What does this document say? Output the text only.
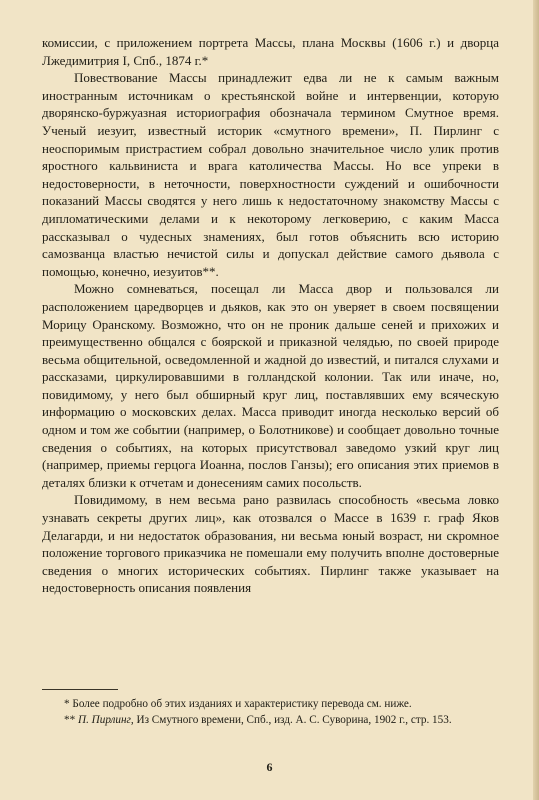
комиссии, с приложением портрета Массы, плана Москвы (1606 г.) и дворца Лжедимитрия I, Спб., 1874 г.*

Повествование Массы принадлежит едва ли не к самым важным иностранным источникам о крестьянской войне и интервенции, которую дворянско-буржуазная историография обозначала термином Смутное время. Ученый иезуит, известный историк «смутного времени», П. Пирлинг с неоспоримым пристрастием собрал довольно значительное число улик против яростного кальвиниста и врага католичества Массы. Но все упреки в недостоверности, в неточности, поверхностности суждений и ошибочности показаний Массы сводятся у него лишь к недостаточному знакомству Массы с дипломатическими делами и к некоторому легковерию, с каким Масса рассказывал о чудесных знамениях, был готов объяснить всю историю самозванца властью нечистой силы и допускал действие самого дьявола с помощью, конечно, иезуитов**.

Можно сомневаться, посещал ли Масса двор и пользовался ли расположением царедворцев и дьяков, как это он уверяет в своем посвящении Морицу Оранскому. Возможно, что он не проник дальше сеней и прихожих и преимущественно общался с боярской и приказной челядью, по своей природе весьма общительной, осведомленной и жадной до известий, и питался слухами и рассказами, циркулировавшими в голландской колонии. Так или иначе, но, повидимому, у него был обширный круг лиц, поставлявших ему всяческую информацию о московских делах. Масса приводит иногда несколько версий об одном и том же событии (например, о Болотникове) и сообщает довольно точные сведения о событиях, на которых присутствовал заведомо узкий круг лиц (например, приемы герцога Иоанна, послов Ганзы); его описания этих приемов в деталях близки к отчетам и донесениям самих посольств.

Повидимому, в нем весьма рано развилась способность «весьма ловко узнавать секреты других лиц», как отозвался о Массе в 1639 г. граф Яков Делагарди, и ни недостаток образования, ни весьма юный возраст, ни скромное положение торгового приказчика не помешали ему получить вполне достоверные сведения о многих исторических событиях. Пирлинг также указывает на недостоверность описания появления

* Более подробно об этих изданиях и характеристику перевода см. ниже.

** П. Пирлинг, Из Смутного времени, Спб., изд. А. С. Суворина, 1902 г., стр. 153.

6
